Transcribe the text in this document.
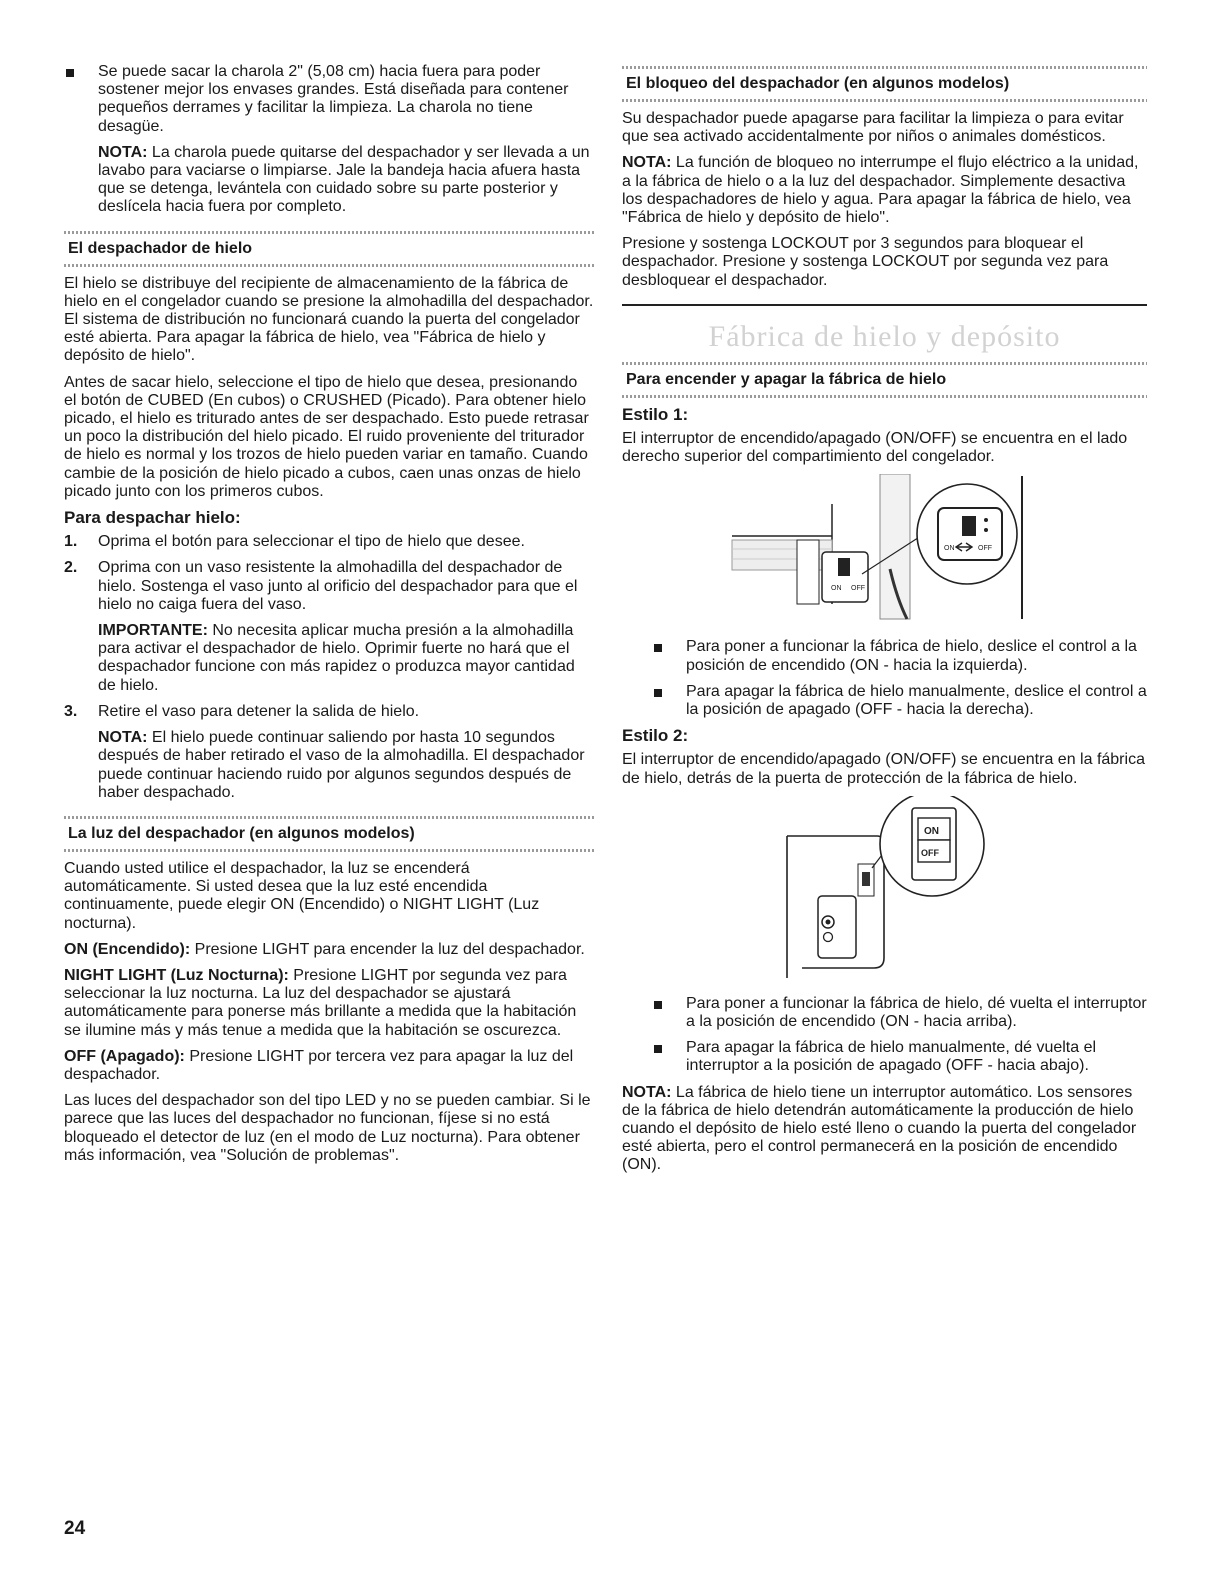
Se puede sacar la charola 2" (5,08 cm) hacia fuera para poder sostener mejor los envases grandes. Está diseñada para contener pequeños derrames y facilitar la limpieza. La charola no tiene desagüe.

NOTA: La charola puede quitarse del despachador y ser llevada a un lavabo para vaciarse o limpiarse. Jale la bandeja hacia afuera hasta que se detenga, levántela con cuidado sobre su parte posterior y deslícela hacia fuera por completo.

El despachador de hielo

El hielo se distribuye del recipiente de almacenamiento de la fábrica de hielo en el congelador cuando se presione la almohadilla del despachador. El sistema de distribución no funcionará cuando la puerta del congelador esté abierta. Para apagar la fábrica de hielo, vea "Fábrica de hielo y depósito de hielo".

Antes de sacar hielo, seleccione el tipo de hielo que desea, presionando el botón de CUBED (En cubos) o CRUSHED (Picado). Para obtener hielo picado, el hielo es triturado antes de ser despachado. Esto puede retrasar un poco la distribución del hielo picado. El ruido proveniente del triturador de hielo es normal y los trozos de hielo pueden variar en tamaño. Cuando cambie de la posición de hielo picado a cubos, caen unas onzas de hielo picado junto con los primeros cubos.

Para despachar hielo:

1. Oprima el botón para seleccionar el tipo de hielo que desee.

2. Oprima con un vaso resistente la almohadilla del despachador de hielo. Sostenga el vaso junto al orificio del despachador para que el hielo no caiga fuera del vaso.

IMPORTANTE: No necesita aplicar mucha presión a la almohadilla para activar el despachador de hielo. Oprimir fuerte no hará que el despachador funcione con más rapidez o produzca mayor cantidad de hielo.

3. Retire el vaso para detener la salida de hielo.

NOTA: El hielo puede continuar saliendo por hasta 10 segundos después de haber retirado el vaso de la almohadilla. El despachador puede continuar haciendo ruido por algunos segundos después de haber despachado.

La luz del despachador (en algunos modelos)

Cuando usted utilice el despachador, la luz se encenderá automáticamente. Si usted desea que la luz esté encendida continuamente, puede elegir ON (Encendido) o NIGHT LIGHT (Luz nocturna).

ON (Encendido): Presione LIGHT para encender la luz del despachador.

NIGHT LIGHT (Luz Nocturna): Presione LIGHT por segunda vez para seleccionar la luz nocturna. La luz del despachador se ajustará automáticamente para ponerse más brillante a medida que la habitación se ilumine más y más tenue a medida que la habitación se oscurezca.

OFF (Apagado): Presione LIGHT por tercera vez para apagar la luz del despachador.

Las luces del despachador son del tipo LED y no se pueden cambiar. Si le parece que las luces del despachador no funcionan, fíjese si no está bloqueado el detector de luz (en el modo de Luz nocturna). Para obtener más información, vea "Solución de problemas".

El bloqueo del despachador (en algunos modelos)

Su despachador puede apagarse para facilitar la limpieza o para evitar que sea activado accidentalmente por niños o animales domésticos.

NOTA: La función de bloqueo no interrumpe el flujo eléctrico a la unidad, a la fábrica de hielo o a la luz del despachador. Simplemente desactiva los despachadores de hielo y agua. Para apagar la fábrica de hielo, vea "Fábrica de hielo y depósito de hielo".

Presione y sostenga LOCKOUT por 3 segundos para bloquear el despachador. Presione y sostenga LOCKOUT por segunda vez para desbloquear el despachador.

Fábrica de hielo y depósito
Para encender y apagar la fábrica de hielo

Estilo 1:

El interruptor de encendido/apagado (ON/OFF) se encuentra en el lado derecho superior del compartimiento del congelador.

ON OFF
ON	OFF

Para poner a funcionar la fábrica de hielo, deslice el control a la posición de encendido (ON - hacia la izquierda).

Para apagar la fábrica de hielo manualmente, deslice el control a la posición de apagado (OFF - hacia la derecha).

Estilo 2:

El interruptor de encendido/apagado (ON/OFF) se encuentra en la fábrica de hielo, detrás de la puerta de protección de la fábrica de hielo.

ON
OFF

Para poner a funcionar la fábrica de hielo, dé vuelta el interruptor a la posición de encendido (ON - hacia arriba).

Para apagar la fábrica de hielo manualmente, dé vuelta el interruptor a la posición de apagado (OFF - hacia abajo).

NOTA: La fábrica de hielo tiene un interruptor automático. Los sensores de la fábrica de hielo detendrán automáticamente la producción de hielo cuando el depósito de hielo esté lleno o cuando la puerta del congelador esté abierta, pero el control permanecerá en la posición de encendido (ON).

24
